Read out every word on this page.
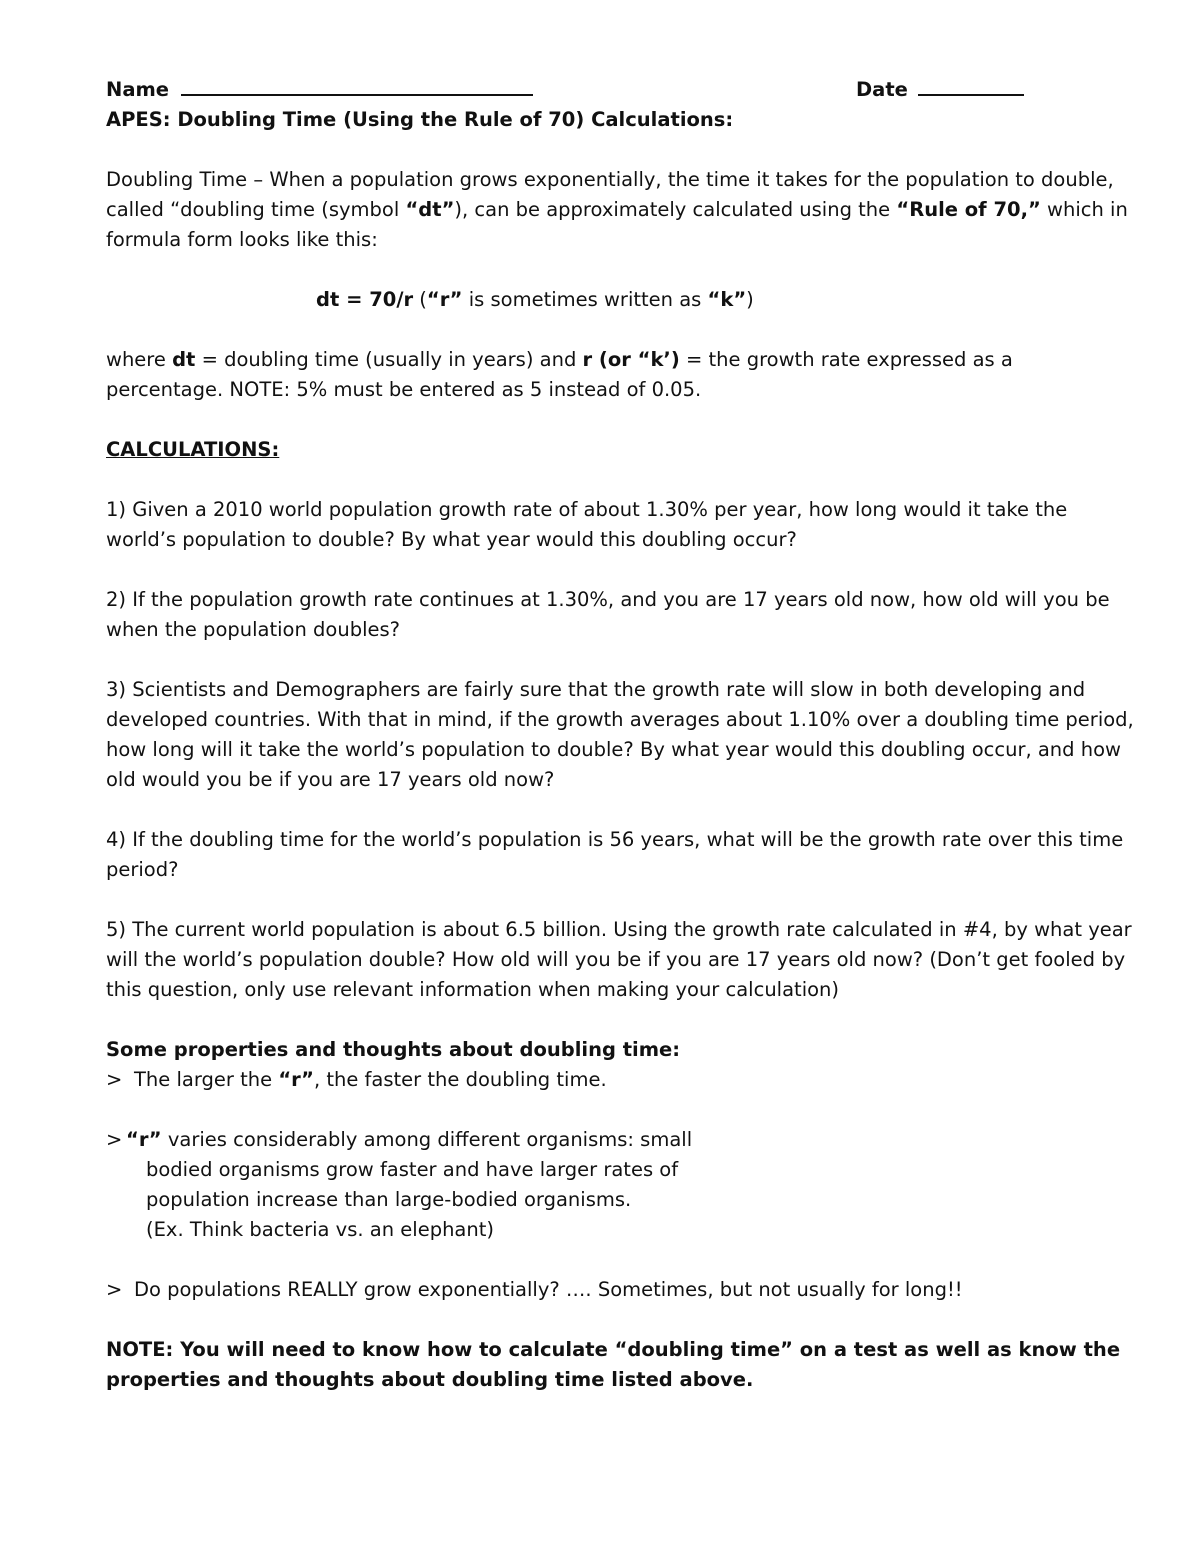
Name	Date
APES: Doubling Time (Using the Rule of 70) Calculations:
Doubling Time – When a population grows exponentially, the time it takes for the population to double, called “doubling time (symbol “dt”), can be approximately calculated using the “Rule of 70,” which in formula form looks like this:
dt = 70/r (“r” is sometimes written as “k”)
where dt = doubling time (usually in years) and r (or “k’) = the growth rate expressed as a percentage. NOTE: 5% must be entered as 5 instead of 0.05.
CALCULATIONS:
1) Given a 2010 world population growth rate of about 1.30% per year, how long would it take the world’s population to double? By what year would this doubling occur?
2) If the population growth rate continues at 1.30%, and you are 17 years old now, how old will you be when the population doubles?
3) Scientists and Demographers are fairly sure that the growth rate will slow in both developing and developed countries. With that in mind, if the growth averages about 1.10% over a doubling time period, how long will it take the world’s population to double? By what year would this doubling occur, and how old would you be if you are 17 years old now?
4) If the doubling time for the world’s population is 56 years, what will be the growth rate over this time period?
5) The current world population is about 6.5 billion. Using the growth rate calculated in #4, by what year will the world’s population double? How old will you be if you are 17 years old now? (Don’t get fooled by this question, only use relevant information when making your calculation)
Some properties and thoughts about doubling time:
> The larger the “r”, the faster the doubling time.
> “r” varies considerably among different organisms: small
bodied organisms grow faster and have larger rates of
population increase than large-bodied organisms.
(Ex. Think bacteria vs. an elephant)
> Do populations REALLY grow exponentially? …. Sometimes, but not usually for long!!
NOTE: You will need to know how to calculate “doubling time” on a test as well as know the properties and thoughts about doubling time listed above.
